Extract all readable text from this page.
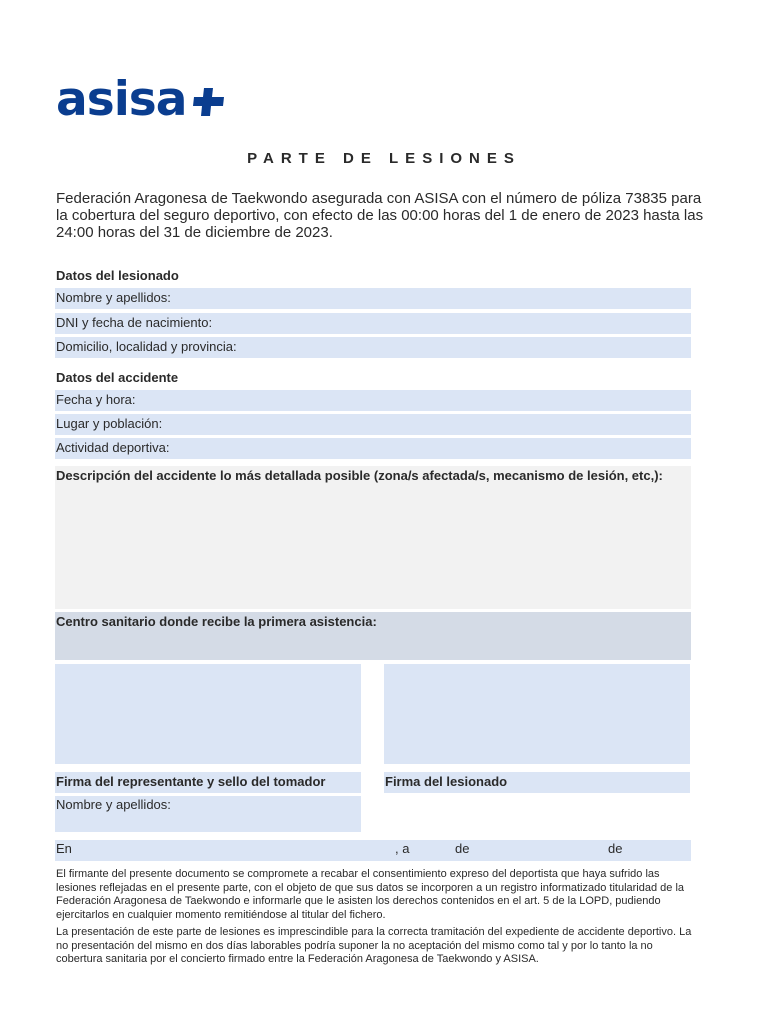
asisa
PARTE DE LESIONES
Federación Aragonesa de Taekwondo asegurada con ASISA con el número de póliza 73835 para la cobertura del seguro deportivo, con efecto de las 00:00 horas del 1 de enero de 2023 hasta las 24:00 horas del 31 de diciembre de 2023.
Datos del lesionado
Nombre y apellidos:
DNI y fecha de nacimiento:
Domicilio, localidad y provincia:
Datos del accidente
Fecha y hora:
Lugar y población:
Actividad deportiva:
Descripción del accidente lo más detallada posible (zona/s afectada/s, mecanismo de lesión, etc,):
Centro sanitario donde recibe la primera asistencia:
Firma del representante y sello del tomador	Firma del lesionado
Nombre y apellidos:
En	, a	de	de
El firmante del presente documento se compromete a recabar el consentimiento expreso del deportista que haya sufrido las lesiones reflejadas en el presente parte, con el objeto de que sus datos se incorporen a un registro informatizado titularidad de la Federación Aragonesa de Taekwondo e informarle que le asisten los derechos contenidos en el art. 5 de la LOPD, pudiendo ejercitarlos en cualquier momento remitiéndose al titular del fichero.
La presentación de este parte de lesiones es imprescindible para la correcta tramitación del expediente de accidente deportivo. La no presentación del mismo en dos días laborables podría suponer la no aceptación del mismo como tal y por lo tanto la no cobertura sanitaria por el concierto firmado entre la Federación Aragonesa de Taekwondo y ASISA.
